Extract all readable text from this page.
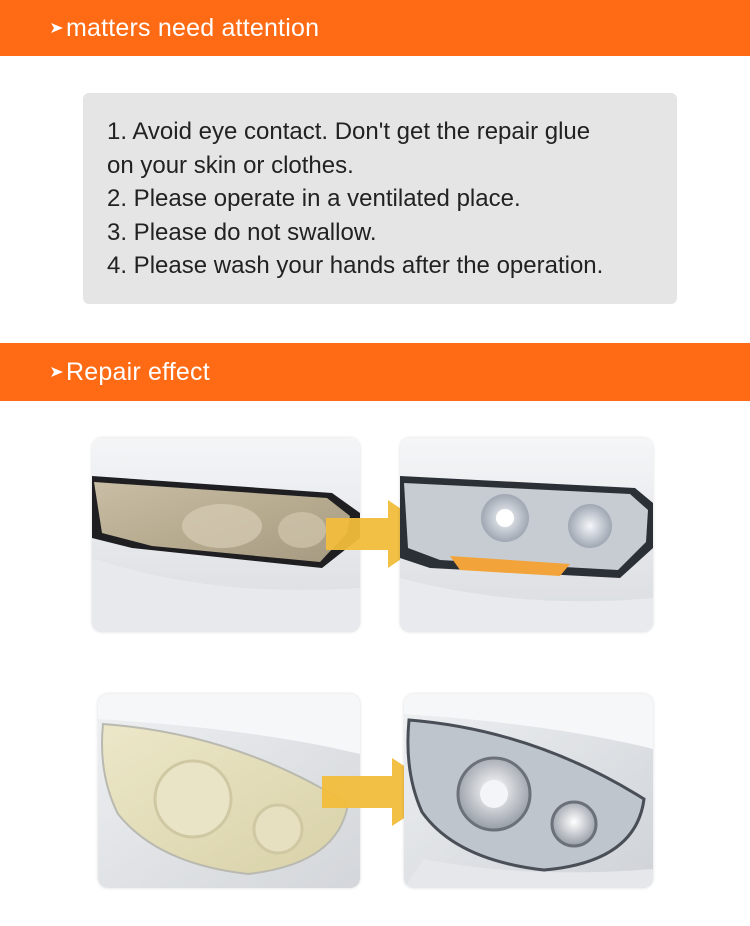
matters need attention
1. Avoid eye contact. Don't get the repair glue
on your skin or clothes.
2. Please operate in a ventilated place.
3. Please do not swallow.
4. Please wash your hands after the operation.
Repair effect
